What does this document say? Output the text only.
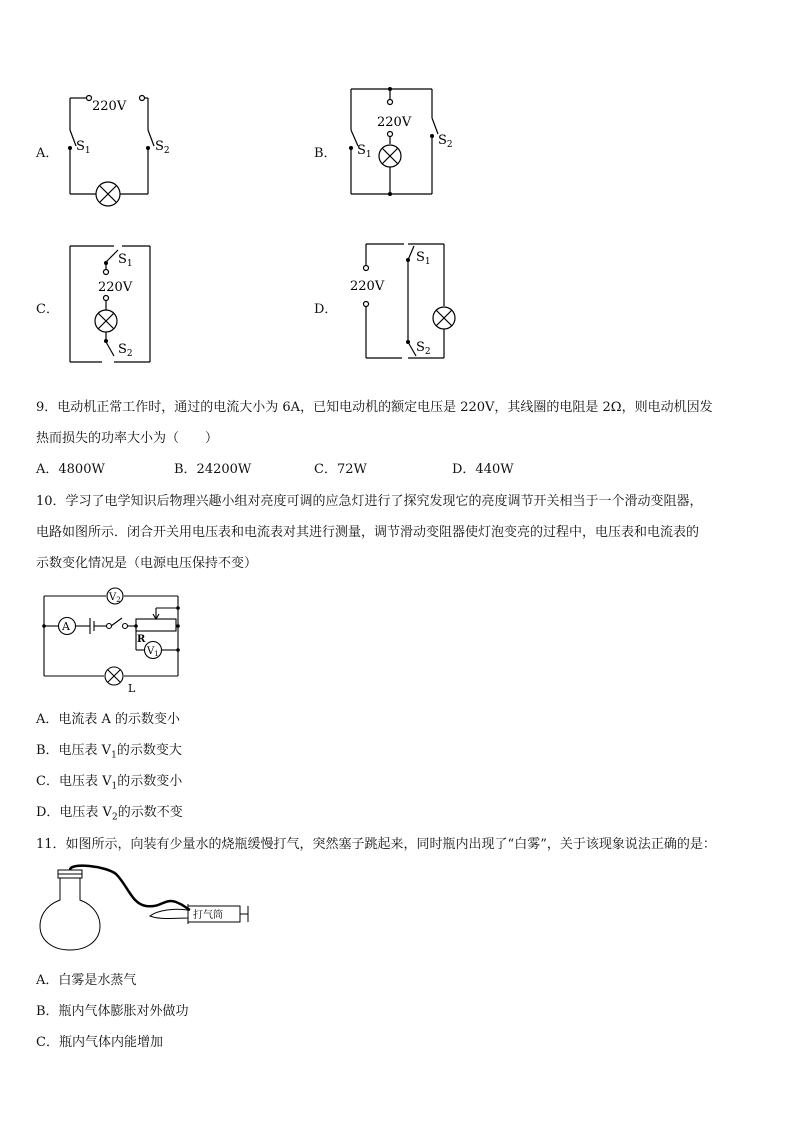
A．
220V
$S_1$	$S_2$	B．
220V
$S_1$
$S_2$
C．
220V
$S_1$
$S_2$
D．
220V
$S_1$
$S_2$
9．电动机正常工作时，通过的电流大小为 6A，已知电动机的额定电压是 220V，其线圈的电阻是 2Ω，则电动机因发
热而损失的功率大小为（　　）
A．4800W	B．24200W	C．72W	D．440W
10．学习了电学知识后物理兴趣小组对亮度可调的应急灯进行了探究发现它的亮度调节开关相当于一个滑动变阻器，
电路如图所示．闭合开关用电压表和电流表对其进行测量，调节滑动变阻器使灯泡变亮的过程中，电压表和电流表的
示数变化情况是（电源电压保持不变）
A
$V_2$
$V_1$
R
L
A．电流表 A 的示数变小
B．电压表 $V_1$的示数变大
C．电压表 $V_1$的示数变小
D．电压表 $V_2$的示数不变
11．如图所示，向装有少量水的烧瓶缓慢打气，突然塞子跳起来，同时瓶内出现了“白雾”，关于该现象说法正确的是：
打气筒
A．白雾是水蒸气
B．瓶内气体膨胀对外做功
C．瓶内气体内能增加
